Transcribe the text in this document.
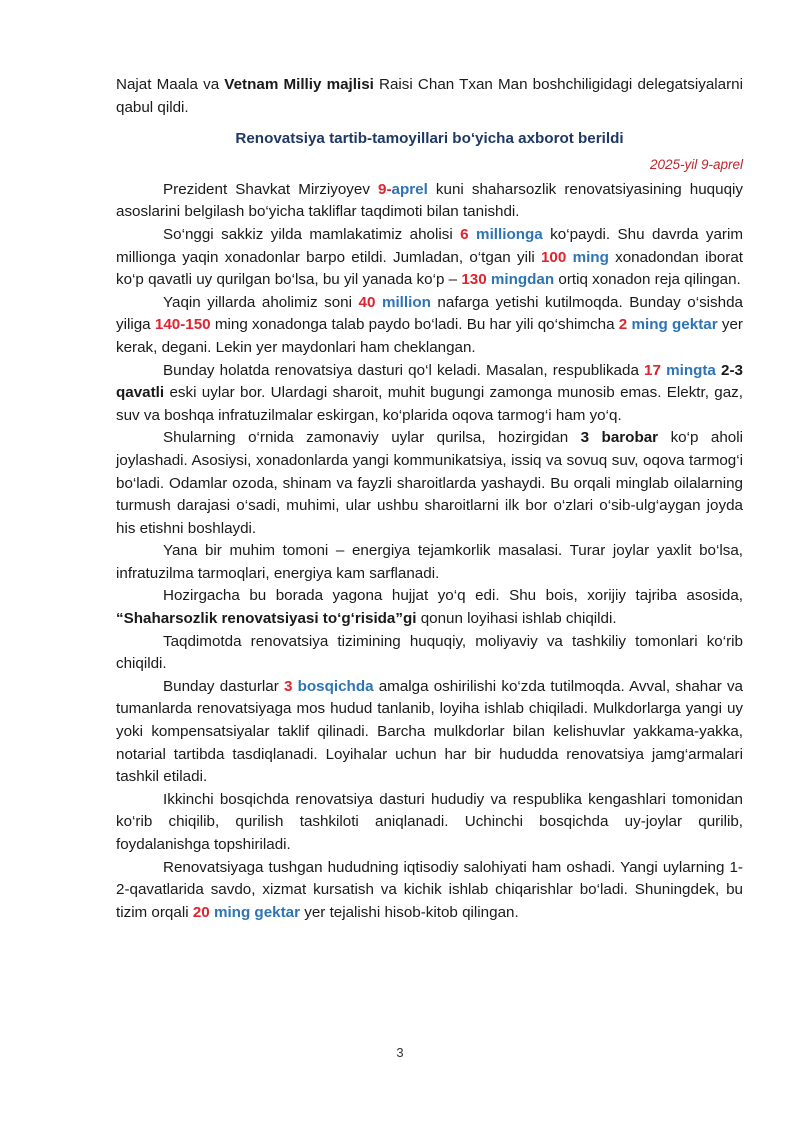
Najat Maala va Vetnam Milliy majlisi Raisi Chan Txan Man boshchiligidagi delegatsiyalarni qabul qildi.

Renovatsiya tartib-tamoyillari bo‘yicha axborot berildi

2025-yil 9-aprel

Prezident Shavkat Mirziyoyev 9-aprel kuni shaharsozlik renovatsiyasining huquqiy asoslarini belgilash bo‘yicha takliflar taqdimoti bilan tanishdi.

So‘nggi sakkiz yilda mamlakatimiz aholisi 6 millionga ko‘paydi. Shu davrda yarim millionga yaqin xonadonlar barpo etildi. Jumladan, o‘tgan yili 100 ming xonadondan iborat ko‘p qavatli uy qurilgan bo‘lsa, bu yil yanada ko‘p – 130 mingdan ortiq xonadon reja qilingan.

Yaqin yillarda aholimiz soni 40 million nafarga yetishi kutilmoqda. Bunday o‘sishda yiliga 140-150 ming xonadonga talab paydo bo‘ladi. Bu har yili qo‘shimcha 2 ming gektar yer kerak, degani. Lekin yer maydonlari ham cheklangan.

Bunday holatda renovatsiya dasturi qo‘l keladi. Masalan, respublikada 17 mingta 2-3 qavatli eski uylar bor. Ulardagi sharoit, muhit bugungi zamonga munosib emas. Elektr, gaz, suv va boshqa infratuzilmalar eskirgan, ko‘plarida oqova tarmog‘i ham yo‘q.

Shularning o‘rnida zamonaviy uylar qurilsa, hozirgidan 3 barobar ko‘p aholi joylashadi. Asosiysi, xonadonlarda yangi kommunikatsiya, issiq va sovuq suv, oqova tarmog‘i bo‘ladi. Odamlar ozoda, shinam va fayzli sharoitlarda yashaydi. Bu orqali minglab oilalarning turmush darajasi o‘sadi, muhimi, ular ushbu sharoitlarni ilk bor o‘zlari o‘sib-ulg‘aygan joyda his etishni boshlaydi.

Yana bir muhim tomoni – energiya tejamkorlik masalasi. Turar joylar yaxlit bo‘lsa, infratuzilma tarmoqlari, energiya kam sarflanadi.

Hozirgacha bu borada yagona hujjat yo‘q edi. Shu bois, xorijiy tajriba asosida, “Shaharsozlik renovatsiyasi to‘g‘risida”gi qonun loyihasi ishlab chiqildi.

Taqdimotda renovatsiya tizimining huquqiy, moliyaviy va tashkiliy tomonlari ko‘rib chiqildi.

Bunday dasturlar 3 bosqichda amalga oshirilishi ko‘zda tutilmoqda. Avval, shahar va tumanlarda renovatsiyaga mos hudud tanlanib, loyiha ishlab chiqiladi. Mulkdorlarga yangi uy yoki kompensatsiyalar taklif qilinadi. Barcha mulkdorlar bilan kelishuvlar yakkama-yakka, notarial tartibda tasdiqlanadi. Loyihalar uchun har bir hududda renovatsiya jamg‘armalari tashkil etiladi.

Ikkinchi bosqichda renovatsiya dasturi hududiy va respublika kengashlari tomonidan ko‘rib chiqilib, qurilish tashkiloti aniqlanadi. Uchinchi bosqichda uy-joylar qurilib, foydalanishga topshiriladi.

Renovatsiyaga tushgan hududning iqtisodiy salohiyati ham oshadi. Yangi uylarning 1-2-qavatlarida savdo, xizmat kursatish va kichik ishlab chiqarishlar bo‘ladi. Shuningdek, bu tizim orqali 20 ming gektar yer tejalishi hisob-kitob qilingan.

3
